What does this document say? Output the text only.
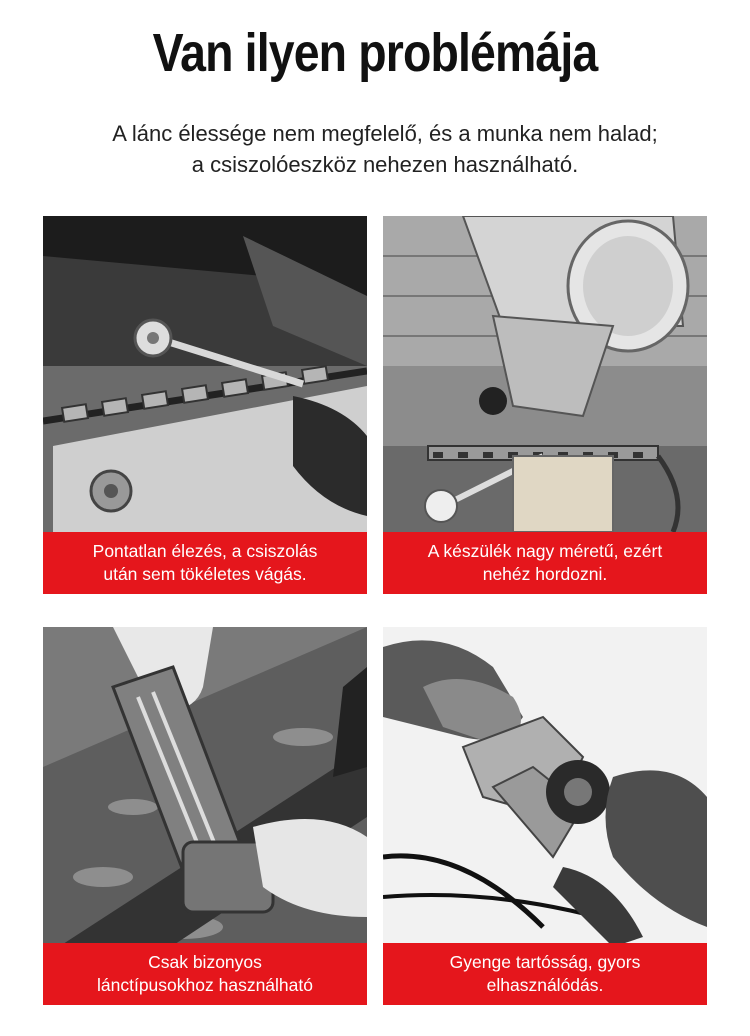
Van ilyen problémája
A lánc élessége nem megfelelő, és a munka nem halad;
a csiszolóeszköz nehezen használható.
Pontatlan élezés, a csiszolás
után sem tökéletes vágás.
A készülék nagy méretű, ezért
nehéz hordozni.
Csak bizonyos
lánctípusokhoz használható
Gyenge tartósság, gyors
elhasználódás.
